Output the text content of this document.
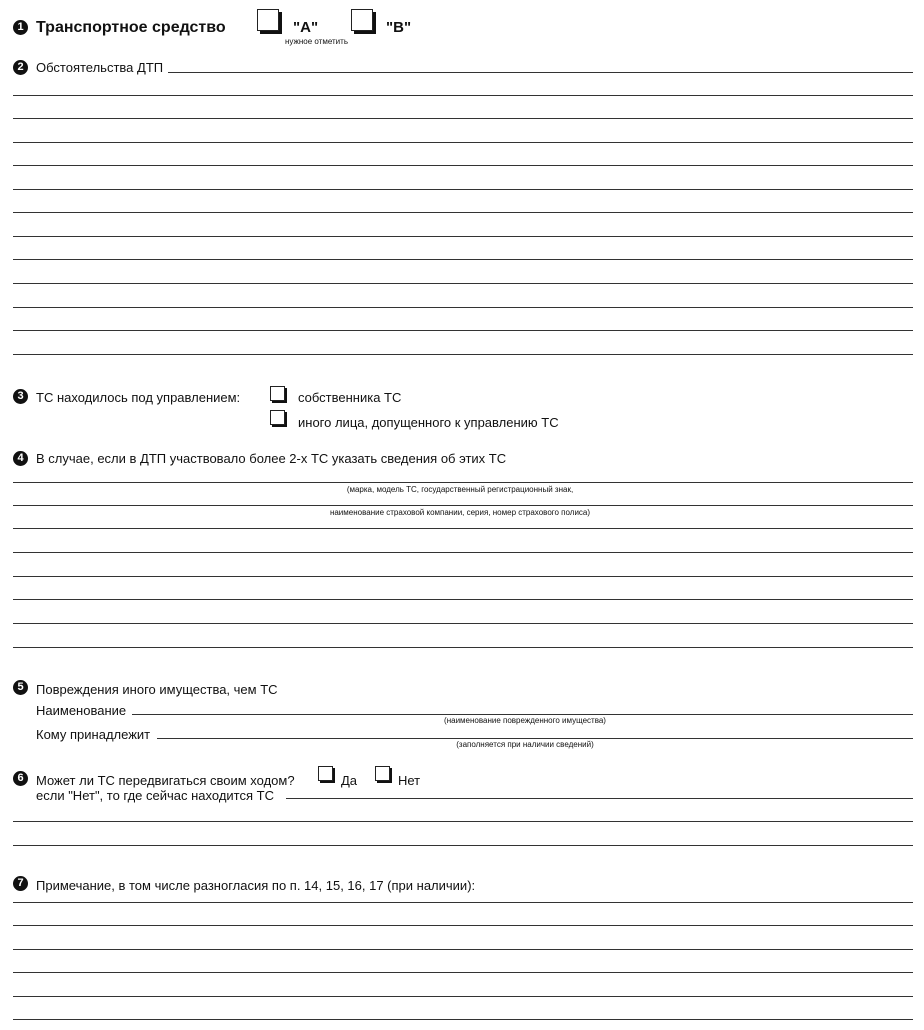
1 Транспортное средство	"А"
нужное отметить
"В"
2 Обстоятельства ДТП
3 ТС находилось под управлением:	собственника ТС
иного лица, допущенного к управлению ТС
4 В случае, если в ДТП участвовало более 2-х ТС указать сведения об этих ТС
(марка, модель ТС, государственный регистрационный знак,
наименование страховой компании, серия, номер страхового полиса)
5 Повреждения иного имущества, чем ТС
Наименование
(наименование поврежденного имущества)
Кому принадлежит
(заполняется при наличии сведений)
6 Может ли ТС передвигаться своим ходом?	Да	Нет
если "Нет", то где сейчас находится ТС
7 Примечание, в том числе разногласия по п. 14, 15, 16, 17 (при наличии):
